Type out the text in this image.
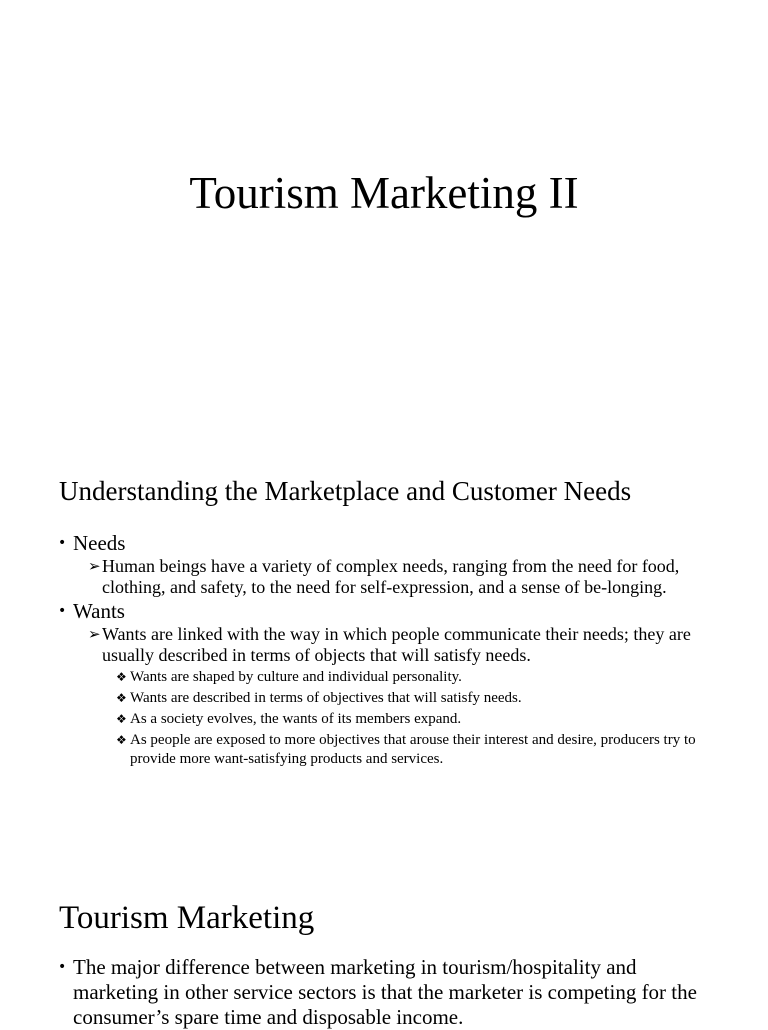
Tourism Marketing II
Understanding the Marketplace and Customer Needs
• Needs
➢ Human beings have a variety of complex needs, ranging from the need for food, clothing, and safety, to the need for self-expression, and a sense of be-longing.
• Wants
➢ Wants are linked with the way in which people communicate their needs; they are usually described in terms of objects that will satisfy needs.
❖ Wants are shaped by culture and individual personality.
❖ Wants are described in terms of objectives that will satisfy needs.
❖ As a society evolves, the wants of its members expand.
❖ As people are exposed to more objectives that arouse their interest and desire, producers try to provide more want-satisfying products and services.
Tourism Marketing
• The major difference between marketing in tourism/hospitality and marketing in other service sectors is that the marketer is competing for the consumer’s spare time and disposable income.
